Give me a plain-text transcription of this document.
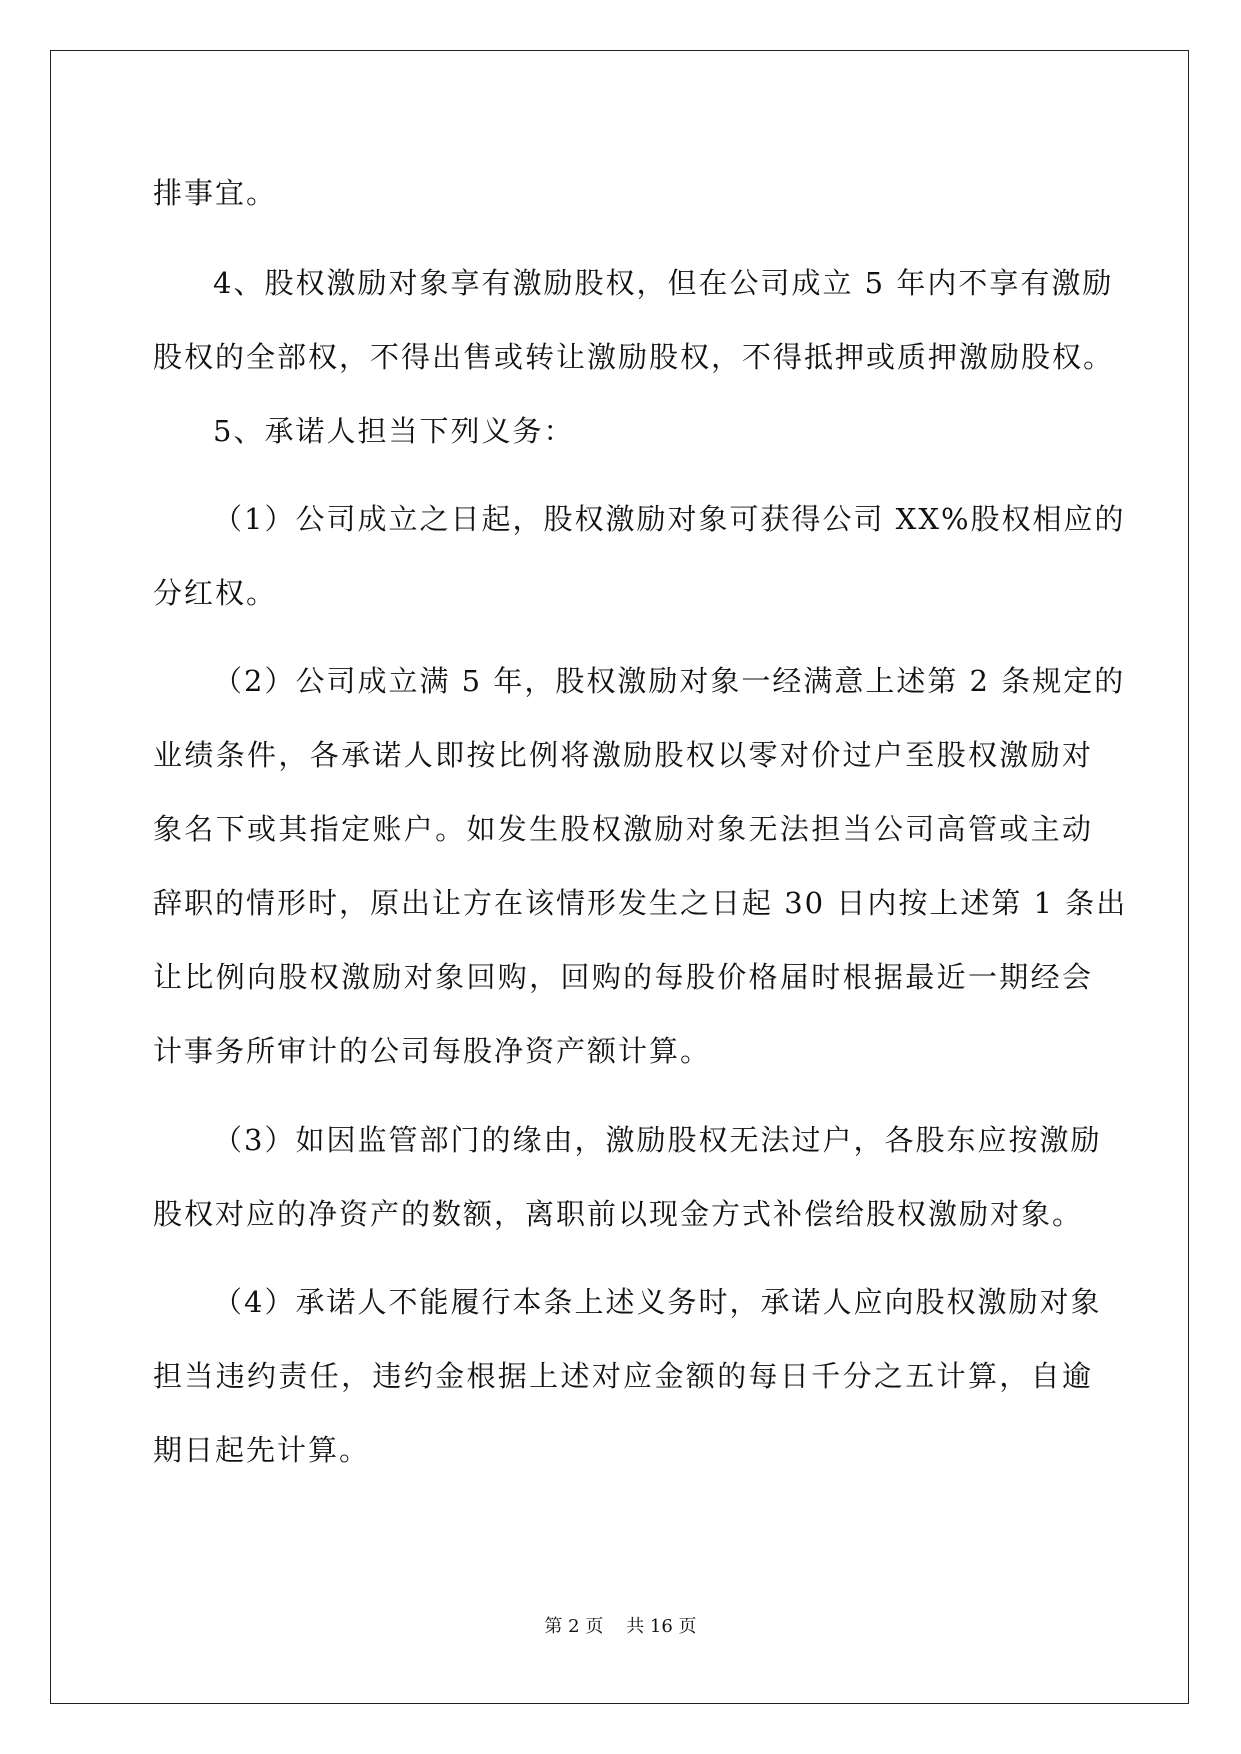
排事宜。
4、股权激励对象享有激励股权，但在公司成立 5 年内不享有激励
股权的全部权，不得出售或转让激励股权，不得抵押或质押激励股权。
5、承诺人担当下列义务：
（1）公司成立之日起，股权激励对象可获得公司 XX%股权相应的
分红权。
（2）公司成立满 5 年，股权激励对象一经满意上述第 2 条规定的
业绩条件，各承诺人即按比例将激励股权以零对价过户至股权激励对
象名下或其指定账户。如发生股权激励对象无法担当公司高管或主动
辞职的情形时，原出让方在该情形发生之日起 30 日内按上述第 1 条出
让比例向股权激励对象回购，回购的每股价格届时根据最近一期经会
计事务所审计的公司每股净资产额计算。
（3）如因监管部门的缘由，激励股权无法过户，各股东应按激励
股权对应的净资产的数额，离职前以现金方式补偿给股权激励对象。
（4）承诺人不能履行本条上述义务时，承诺人应向股权激励对象
担当违约责任，违约金根据上述对应金额的每日千分之五计算，自逾
期日起先计算。
第 2 页    共 16 页
